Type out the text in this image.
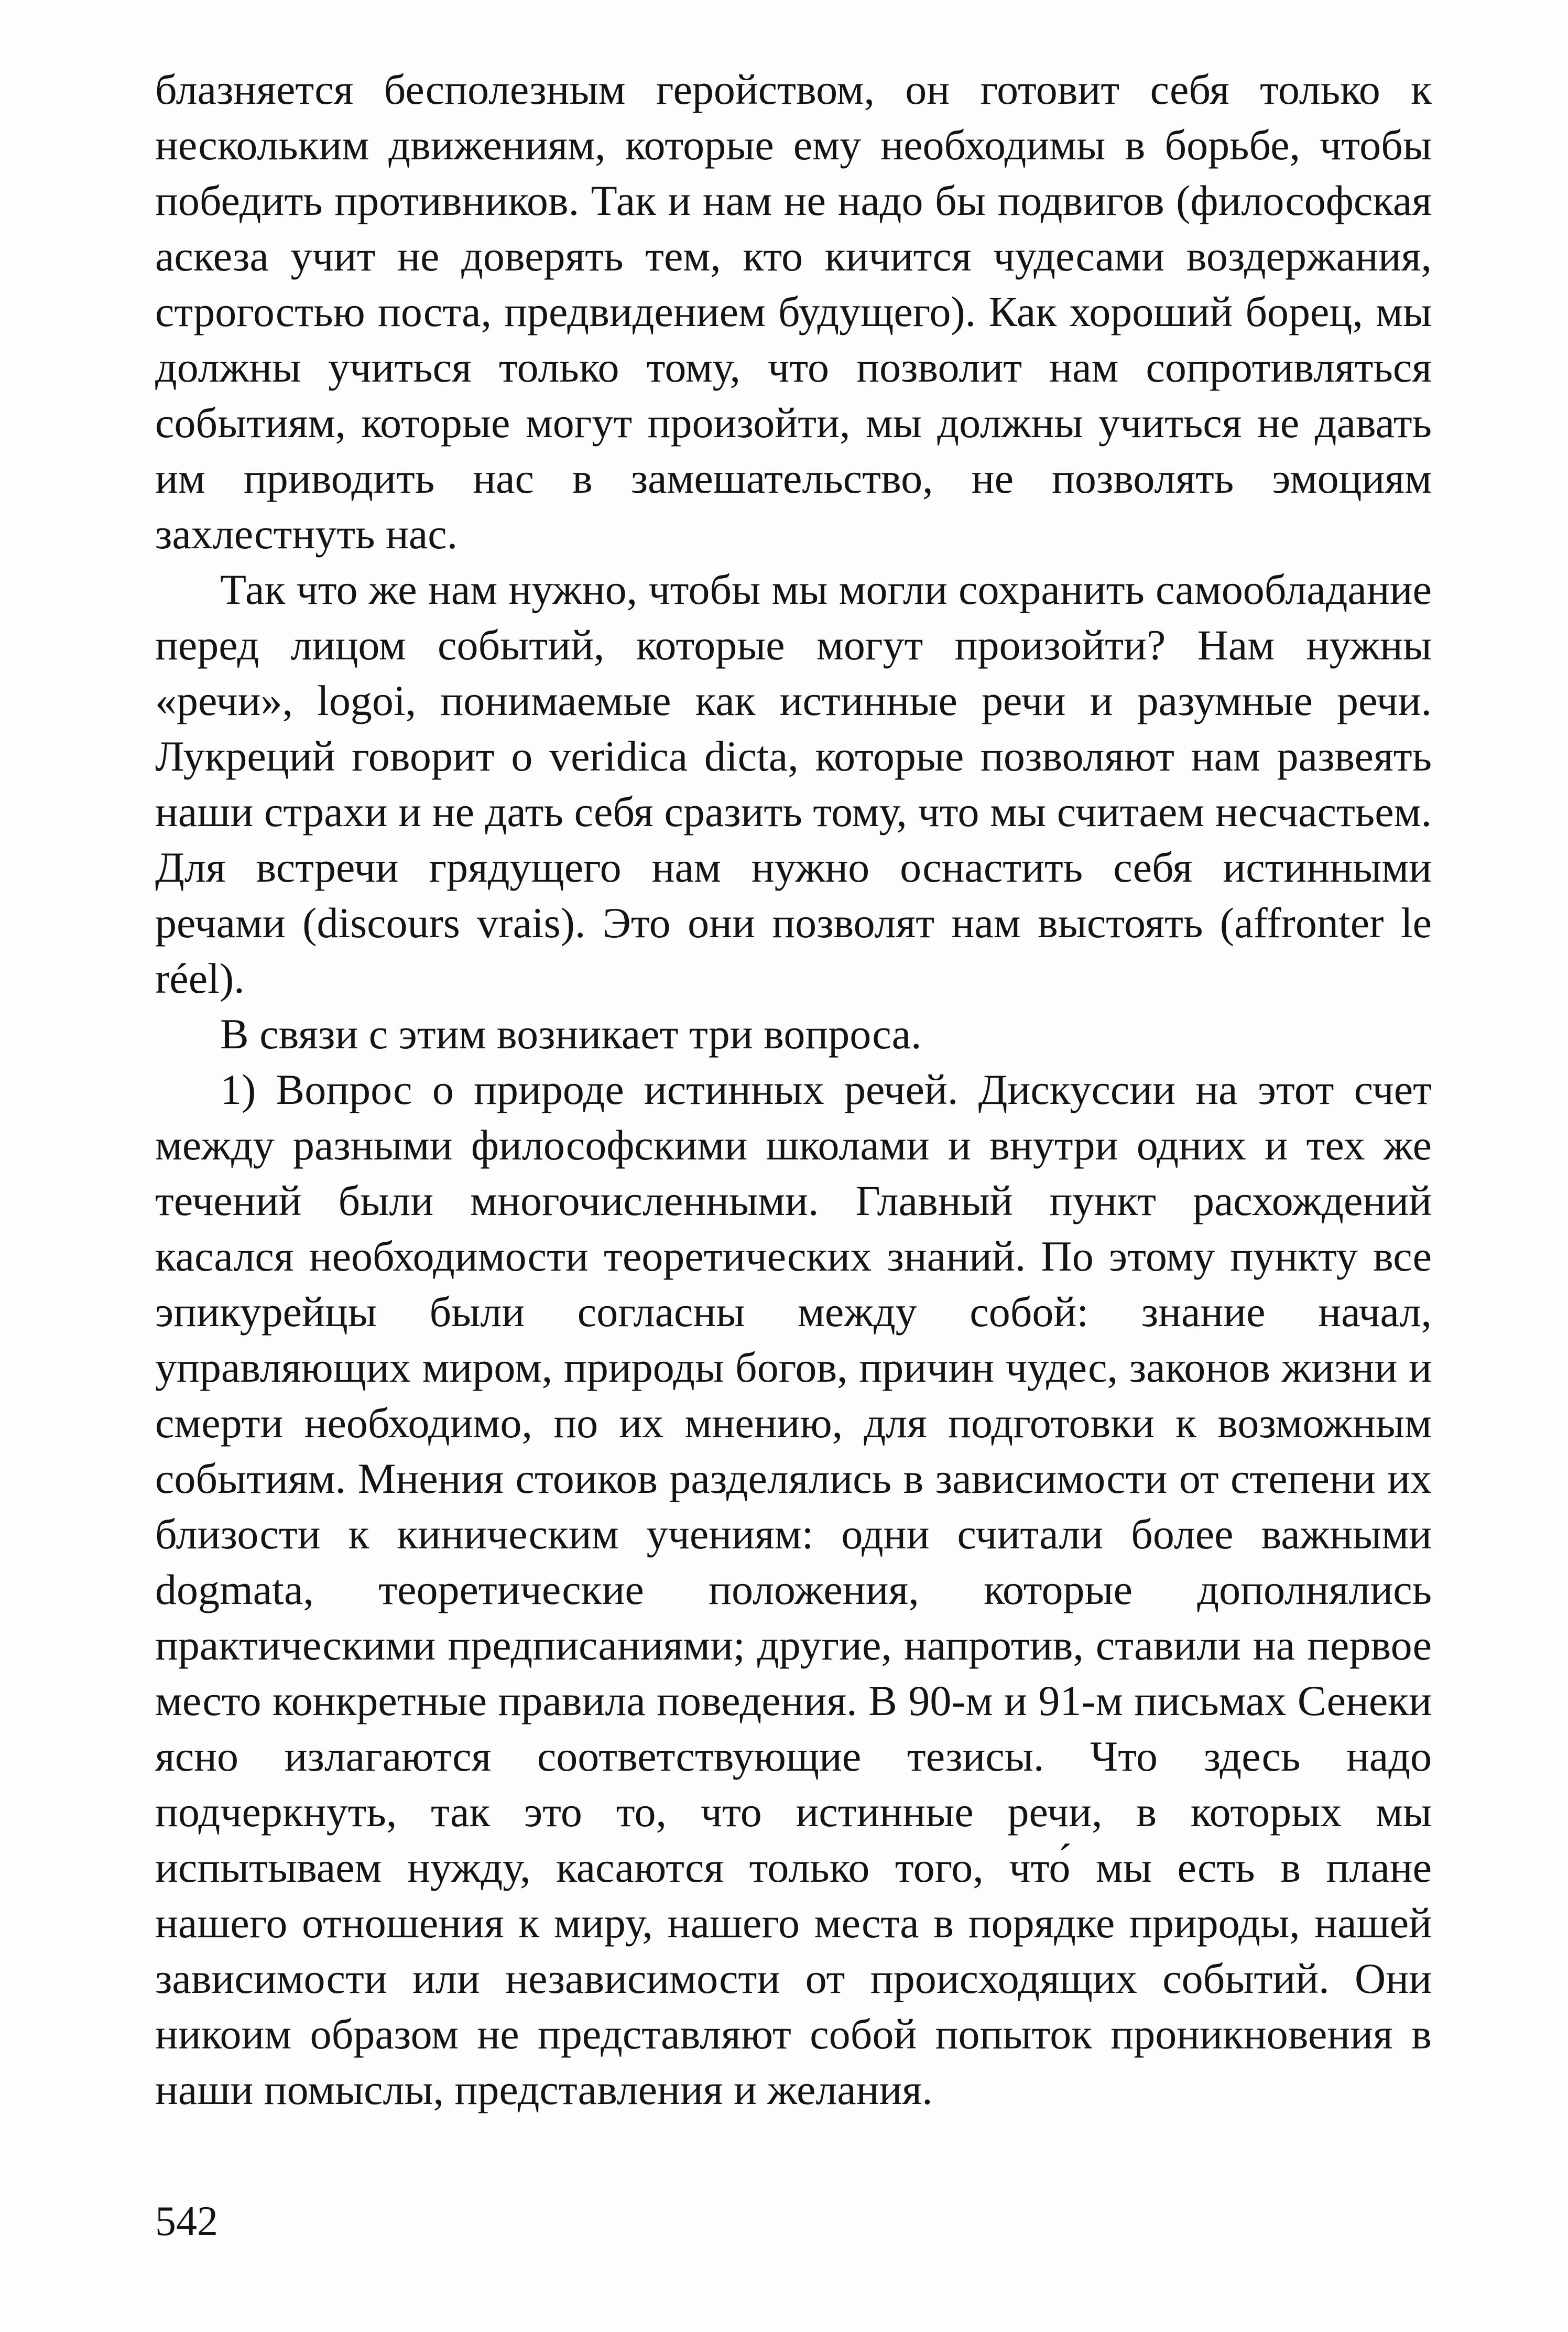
блазняется бесполезным геройством, он готовит себя только к нескольким движениям, которые ему необходимы в борьбе, чтобы победить противников. Так и нам не надо бы подвигов (философская аскеза учит не доверять тем, кто кичится чудесами воздержания, строгостью поста, предвидением будущего). Как хороший борец, мы должны учиться только тому, что позволит нам сопротивляться событиям, которые могут произойти, мы должны учиться не давать им приводить нас в замешательство, не позволять эмоциям захлестнуть нас.

Так что же нам нужно, чтобы мы могли сохранить самообладание перед лицом событий, которые могут произойти? Нам нужны «речи», logoi, понимаемые как истинные речи и разумные речи. Лукреций говорит о veridica dicta, которые позволяют нам развеять наши страхи и не дать себя сразить тому, что мы считаем несчастьем. Для встречи грядущего нам нужно оснастить себя истинными речами (discours vrais). Это они позволят нам выстоять (affronter le réel).

В связи с этим возникает три вопроса.

1) Вопрос о природе истинных речей. Дискуссии на этот счет между разными философскими школами и внутри одних и тех же течений были многочисленными. Главный пункт расхождений касался необходимости теоретических знаний. По этому пункту все эпикурейцы были согласны между собой: знание начал, управляющих миром, природы богов, причин чудес, законов жизни и смерти необходимо, по их мнению, для подготовки к возможным событиям. Мнения стоиков разделялись в зависимости от степени их близости к киническим учениям: одни считали более важными dogmata, теоретические положения, которые дополнялись практическими предписаниями; другие, напротив, ставили на первое место конкретные правила поведения. В 90-м и 91-м письмах Сенеки ясно излагаются соответствующие тезисы. Что здесь надо подчеркнуть, так это то, что истинные речи, в которых мы испытываем нужду, касаются только того, что́ мы есть в плане нашего отношения к миру, нашего места в порядке природы, нашей зависимости или независимости от происходящих событий. Они никоим образом не представляют собой попыток проникновения в наши помыслы, представления и желания.

542
